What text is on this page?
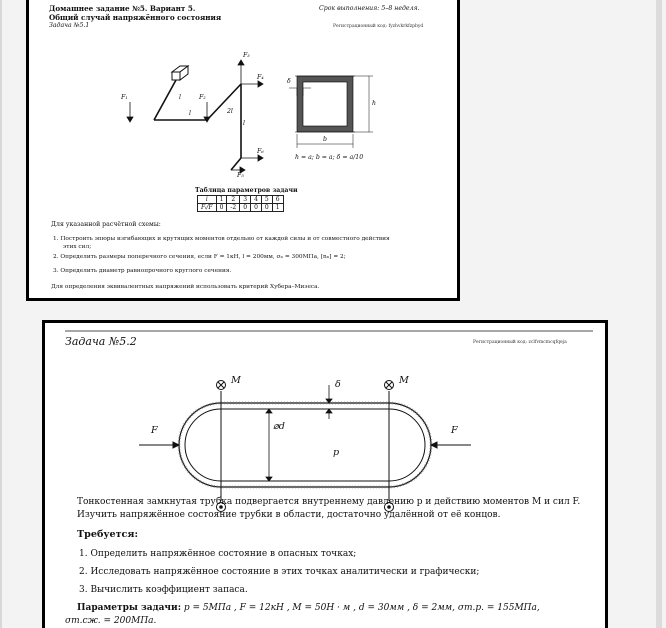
Домашнее задание №5. Вариант 5.
Общий случай напряжённого состояния
Задача №5.1
Срок выполнения: 5–8 неделя.
Регистрационный код: fyzhvkrkfzpbyd
F₁	l
l
F₂
2l
F₃
F₄
l
F₆
F₅
δ
h
b
h = a; b = a; δ = a/10
Таблица параметров задачи
i	1	2	3	4	5	6
Fᵢ/F	0	-2	0	0	0	1
Для указанной расчётной схемы:
1. Построить эпюры изгибающих и крутящих моментов отдельно от каждой силы и от совместного действия
этих сил;
2. Определить размеры поперечного сечения, если F = 1кН, l = 200мм, σₙ = 300МПа, [nₙ] = 2;
3. Определить диаметр равнопрочного круглого сечения.
Для определения эквивалентных напряжений использовать критерий Хубера–Мизеса.
Задача №5.2	Регистрационный код: zclfvmcmcqfqeja
M	M
δ
⌀d
p
F	F
Тонкостенная замкнутая трубка подвергается внутреннему давлению p и действию моментов M и сил F.
Изучить напряжённое состояние трубки в области, достаточно удалённой от её концов.
Требуется:
1. Определить напряжённое состояние в опасных точках;
2. Исследовать напряжённое состояние в этих точках аналитически и графически;
3. Вычислить коэффициент запаса.
Параметры задачи: p = 5МПа , F = 12кН , M = 50Н · м , d = 30мм , δ = 2мм, σт.р. = 155МПа,
σт.сж. = 200МПа.
